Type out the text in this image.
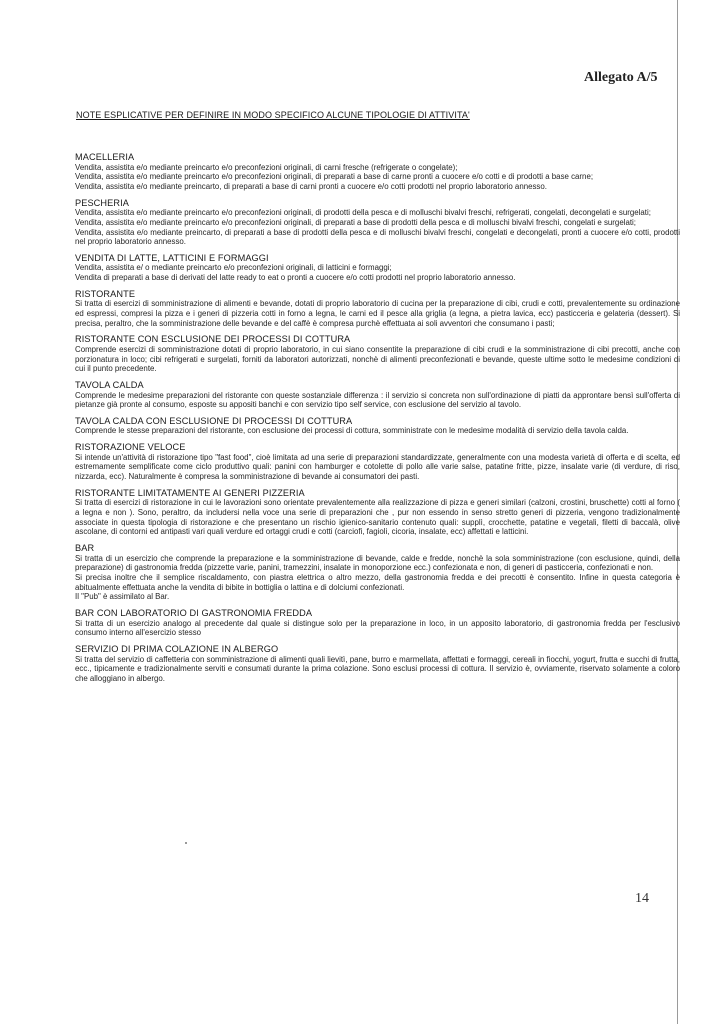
Allegato A/5
NOTE ESPLICATIVE PER DEFINIRE IN MODO SPECIFICO ALCUNE TIPOLOGIE DI ATTIVITA'
MACELLERIA

Vendita, assistita e/o mediante preincarto e/o preconfezioni originali, di carni fresche (refrigerate o congelate);

Vendita, assistita e/o mediante preincarto e/o preconfezioni originali, di preparati a base di carne pronti a cuocere e/o cotti e di prodotti a base carne;

Vendita, assistita e/o mediante preincarto, di preparati a base di carni pronti a cuocere e/o cotti prodotti nel proprio laboratorio annesso.

PESCHERIA

Vendita, assistita e/o mediante preincarto e/o preconfezioni originali, di prodotti della pesca e di molluschi bivalvi freschi, refrigerati, congelati, decongelati e surgelati;

Vendita, assistita e/o mediante preincarto e/o preconfezioni originali, di preparati a base di prodotti della pesca e di molluschi bivalvi freschi, congelati e surgelati;

Vendita, assistita e/o mediante preincarto, di preparati a base di prodotti della pesca e di molluschi bivalvi freschi, congelati e decongelati, pronti a cuocere e/o cotti, prodotti nel proprio laboratorio annesso.

VENDITA DI LATTE, LATTICINI E FORMAGGI

Vendita, assistita e/ o mediante preincarto e/o preconfezioni originali, di latticini e formaggi;

Vendita di preparati a base di derivati del latte ready to eat o pronti a cuocere e/o cotti prodotti nel proprio laboratorio annesso.

RISTORANTE

Si tratta di esercizi di somministrazione di alimenti e bevande, dotati di proprio laboratorio di cucina per la preparazione di cibi, crudi e cotti, prevalentemente su ordinazione ed espressi, compresi la pizza e i generi di pizzeria cotti in forno a legna, le carni ed il pesce alla griglia (a legna, a pietra lavica, ecc) pasticceria e gelateria (dessert). Si precisa, peraltro, che la somministrazione delle bevande e del caffè è compresa purchè effettuata ai soli avventori che consumano i pasti;

RISTORANTE CON ESCLUSIONE DEI PROCESSI DI COTTURA

Comprende esercizi di somministrazione dotati di proprio laboratorio, in cui siano consentite la preparazione di cibi crudi e la somministrazione di cibi precotti, anche con porzionatura in loco; cibi refrigerati e surgelati, forniti da laboratori autorizzati, nonchè di alimenti preconfezionati e bevande, queste ultime sotto le medesime condizioni di cui il punto precedente.

TAVOLA CALDA

Comprende le medesime preparazioni del ristorante con queste sostanziale differenza : il servizio si concreta non sull'ordinazione di piatti da approntare bensì sull'offerta di pietanze già pronte al consumo, esposte su appositi banchi e con servizio tipo self service, con esclusione del servizio al tavolo.

TAVOLA CALDA CON ESCLUSIONE DI PROCESSI DI COTTURA

Comprende le stesse preparazioni del ristorante, con esclusione dei processi di cottura, somministrate con le medesime modalità di servizio della tavola calda.

RISTORAZIONE VELOCE

Si intende un'attività di ristorazione tipo "fast food", cioè limitata ad una serie di preparazioni standardizzate, generalmente con una modesta varietà di offerta e di scelta, ed estremamente semplificate come ciclo produttivo quali: panini con hamburger e cotolette di pollo alle varie salse, patatine fritte, pizze, insalate varie (di verdure, di riso, nizzarda, ecc). Naturalmente è compresa la somministrazione di bevande ai consumatori dei pasti.

RISTORANTE LIMITATAMENTE AI GENERI PIZZERIA

Si tratta di esercizi di ristorazione in cui le lavorazioni sono orientate prevalentemente alla realizzazione di pizza e generi similari (calzoni, crostini, bruschette) cotti al forno ( a legna e non ). Sono, peraltro, da includersi nella voce una serie di preparazioni che , pur non essendo in senso stretto generi di pizzeria, vengono tradizionalmente associate in questa tipologia di ristorazione e che presentano un rischio igienico-sanitario contenuto quali: supplì, crocchette, patatine e vegetali, filetti di baccalà, olive ascolane, di contorni ed antipasti vari quali verdure ed ortaggi crudi e cotti (carciofi, fagioli, cicoria, insalate, ecc) affettati e latticini.

BAR

Si tratta di un esercizio che comprende la preparazione e la somministrazione di bevande, calde e fredde, nonchè la sola somministrazione (con esclusione, quindi, della preparazione) di gastronomia fredda (pizzette varie, panini, tramezzini, insalate in monoporzione ecc.) confezionata e non, di generi di pasticceria, confezionati e non.

Si precisa inoltre che il semplice riscaldamento, con piastra elettrica o altro mezzo, della gastronomia fredda e dei precotti è consentito. Infine in questa categoria è abitualmente effettuata anche la vendita di bibite in bottiglia o lattina e di dolciumi confezionati.

Il "Pub" è assimilato al Bar.

BAR CON LABORATORIO DI GASTRONOMIA FREDDA

Si tratta di un esercizio analogo al precedente dal quale si distingue solo per la preparazione in loco, in un apposito laboratorio, di gastronomia fredda per l'esclusivo consumo interno all'esercizio stesso

SERVIZIO DI PRIMA COLAZIONE IN ALBERGO

Si tratta del servizio di caffetteria con somministrazione di alimenti quali lievitì, pane, burro e marmellata, affettati e formaggi, cereali in fiocchi, yogurt, frutta e succhi di frutta, ecc., tipicamente e tradizionalmente serviti e consumati durante la prima colazione. Sono esclusi processi di cottura. Il servizio è, ovviamente, riservato solamente a coloro che alloggiano in albergo.

14
